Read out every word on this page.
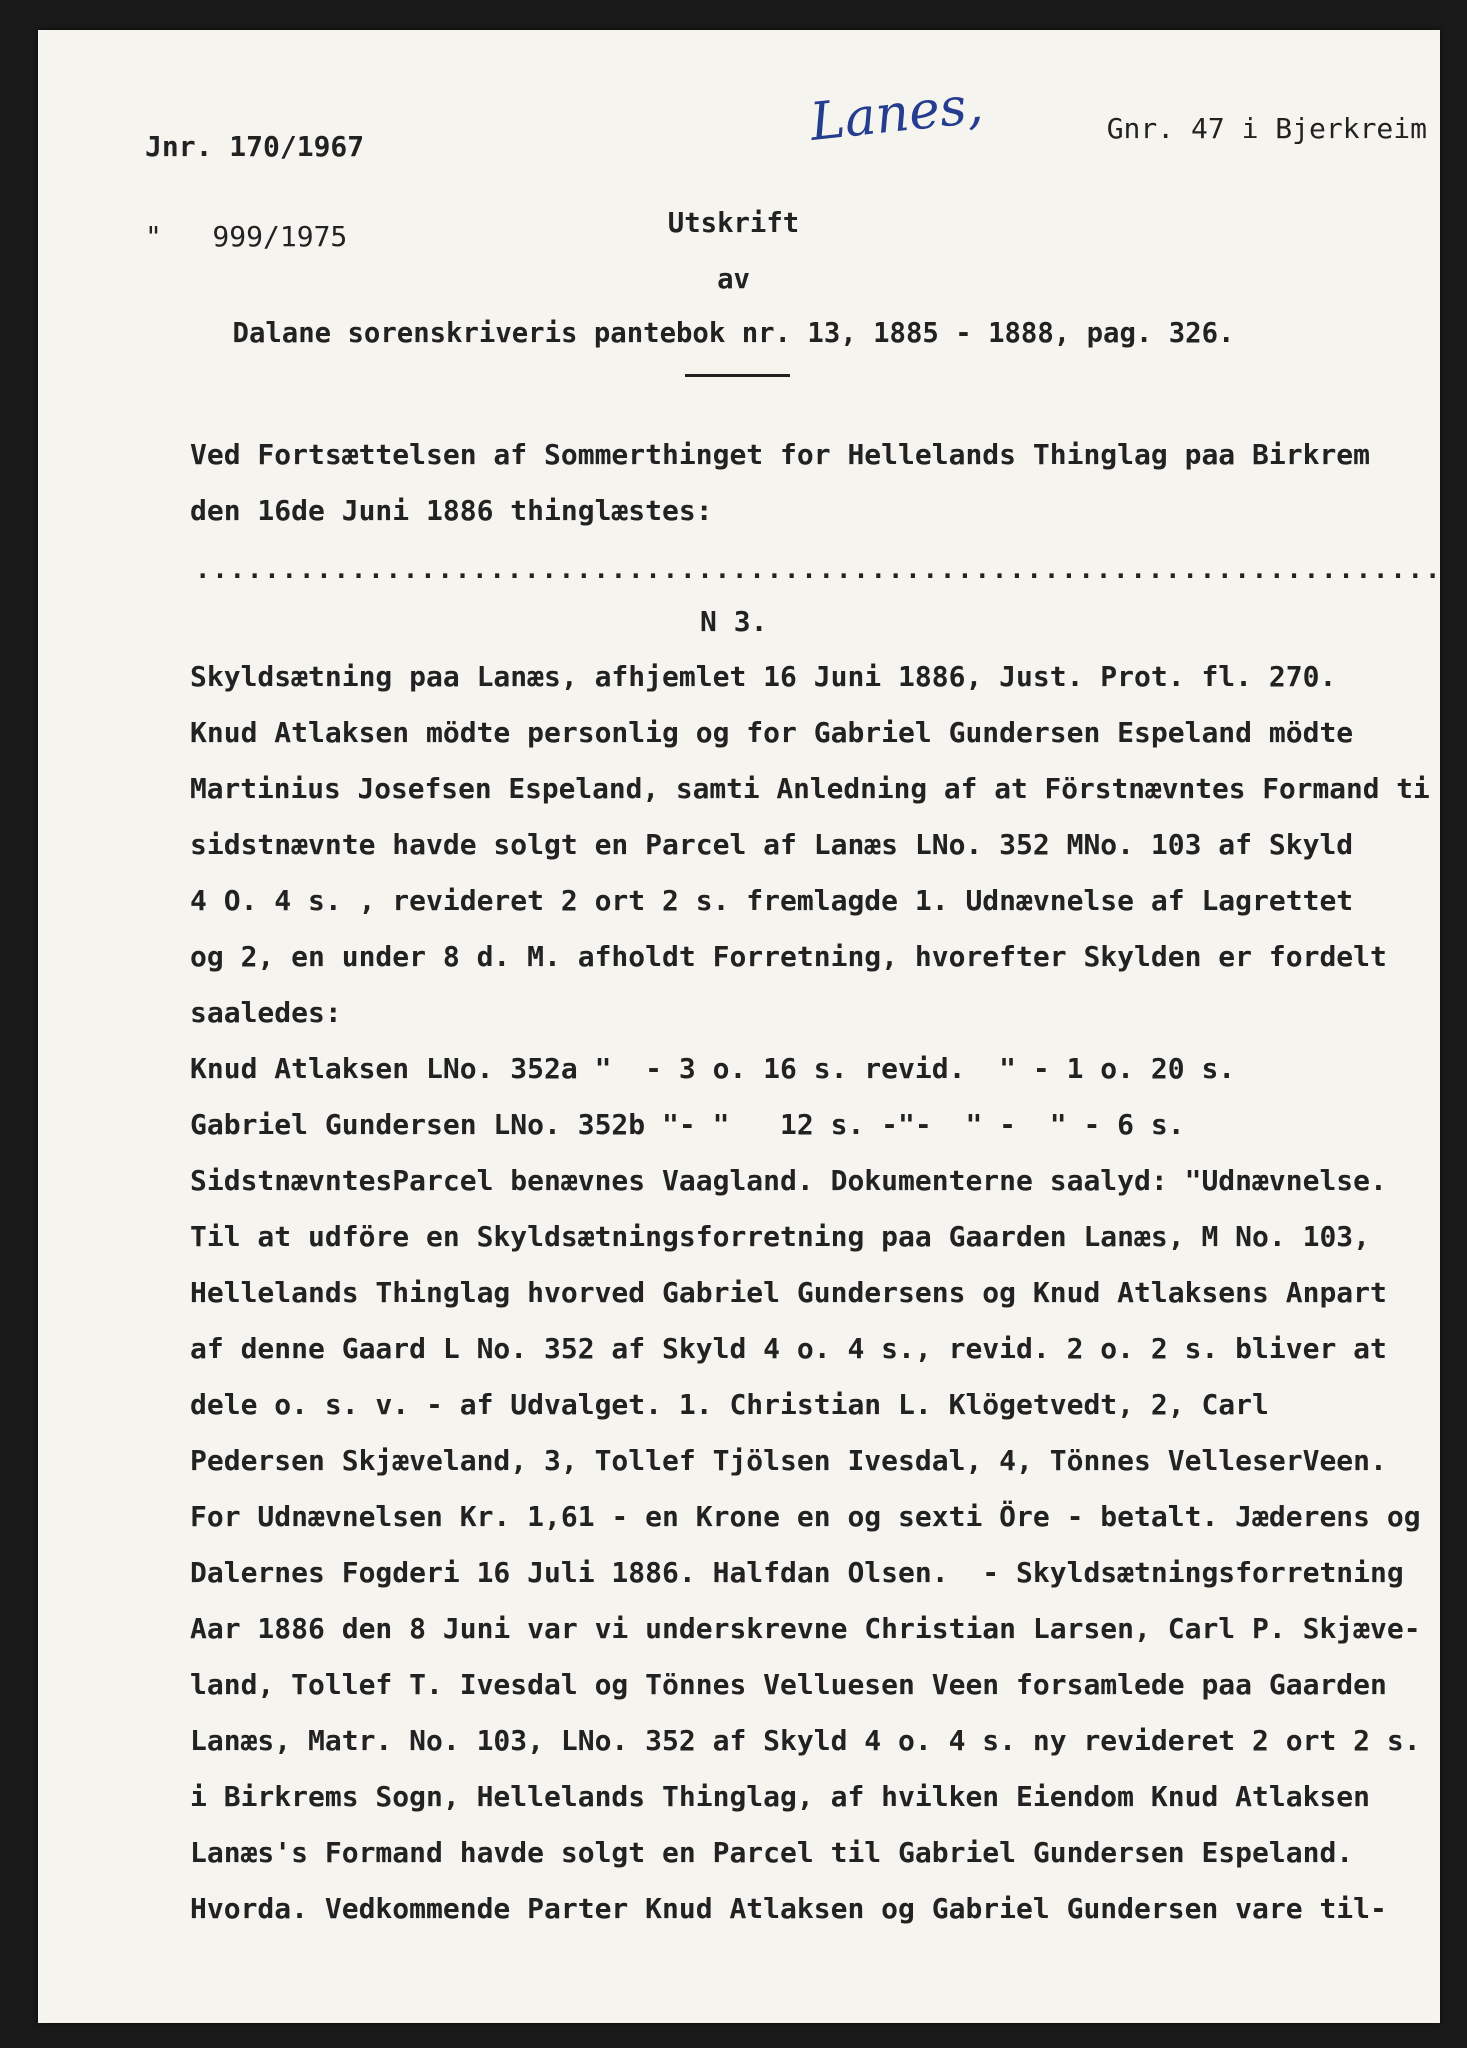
Jnr. 170/1967

"   999/1975

Lanes,	Gnr. 47 i Bjerkreim
Utskrift
av
Dalane sorenskriveris pantebok nr. 13, 1885 - 1888, pag. 326.
Ved Fortsættelsen af Sommerthinget for Hellelands Thinglag paa Birkrem
den 16de Juni 1886 thinglæstes:
........................................................................
N 3.
Skyldsætning paa Lanæs, afhjemlet 16 Juni 1886, Just. Prot. fl. 270.
Knud Atlaksen mödte personlig og for Gabriel Gundersen Espeland mödte
Martinius Josefsen Espeland, samti Anledning af at Förstnævntes Formand ti
sidstnævnte havde solgt en Parcel af Lanæs LNo. 352 MNo. 103 af Skyld
4 O. 4 s. , revideret 2 ort 2 s. fremlagde 1. Udnævnelse af Lagrettet
og 2, en under 8 d. M. afholdt Forretning, hvorefter Skylden er fordelt
saaledes:
Knud Atlaksen LNo. 352a "  - 3 o. 16 s. revid.  " - 1 o. 20 s.
Gabriel Gundersen LNo. 352b "- "   12 s. -"-  " -  " - 6 s.
SidstnævntesParcel benævnes Vaagland. Dokumenterne saalyd: "Udnævnelse.
Til at udföre en Skyldsætningsforretning paa Gaarden Lanæs, M No. 103,
Hellelands Thinglag hvorved Gabriel Gundersens og Knud Atlaksens Anpart
af denne Gaard L No. 352 af Skyld 4 o. 4 s., revid. 2 o. 2 s. bliver at
dele o. s. v. - af Udvalget. 1. Christian L. Klögetvedt, 2, Carl
Pedersen Skjæveland, 3, Tollef Tjölsen Ivesdal, 4, Tönnes VelleserVeen.
For Udnævnelsen Kr. 1,61 - en Krone en og sexti Öre - betalt. Jæderens og
Dalernes Fogderi 16 Juli 1886. Halfdan Olsen.  - Skyldsætningsforretning
Aar 1886 den 8 Juni var vi underskrevne Christian Larsen, Carl P. Skjæve-
land, Tollef T. Ivesdal og Tönnes Velluesen Veen forsamlede paa Gaarden
Lanæs, Matr. No. 103, LNo. 352 af Skyld 4 o. 4 s. ny revideret 2 ort 2 s.
i Birkrems Sogn, Hellelands Thinglag, af hvilken Eiendom Knud Atlaksen
Lanæs's Formand havde solgt en Parcel til Gabriel Gundersen Espeland.
Hvorda. Vedkommende Parter Knud Atlaksen og Gabriel Gundersen vare til-
